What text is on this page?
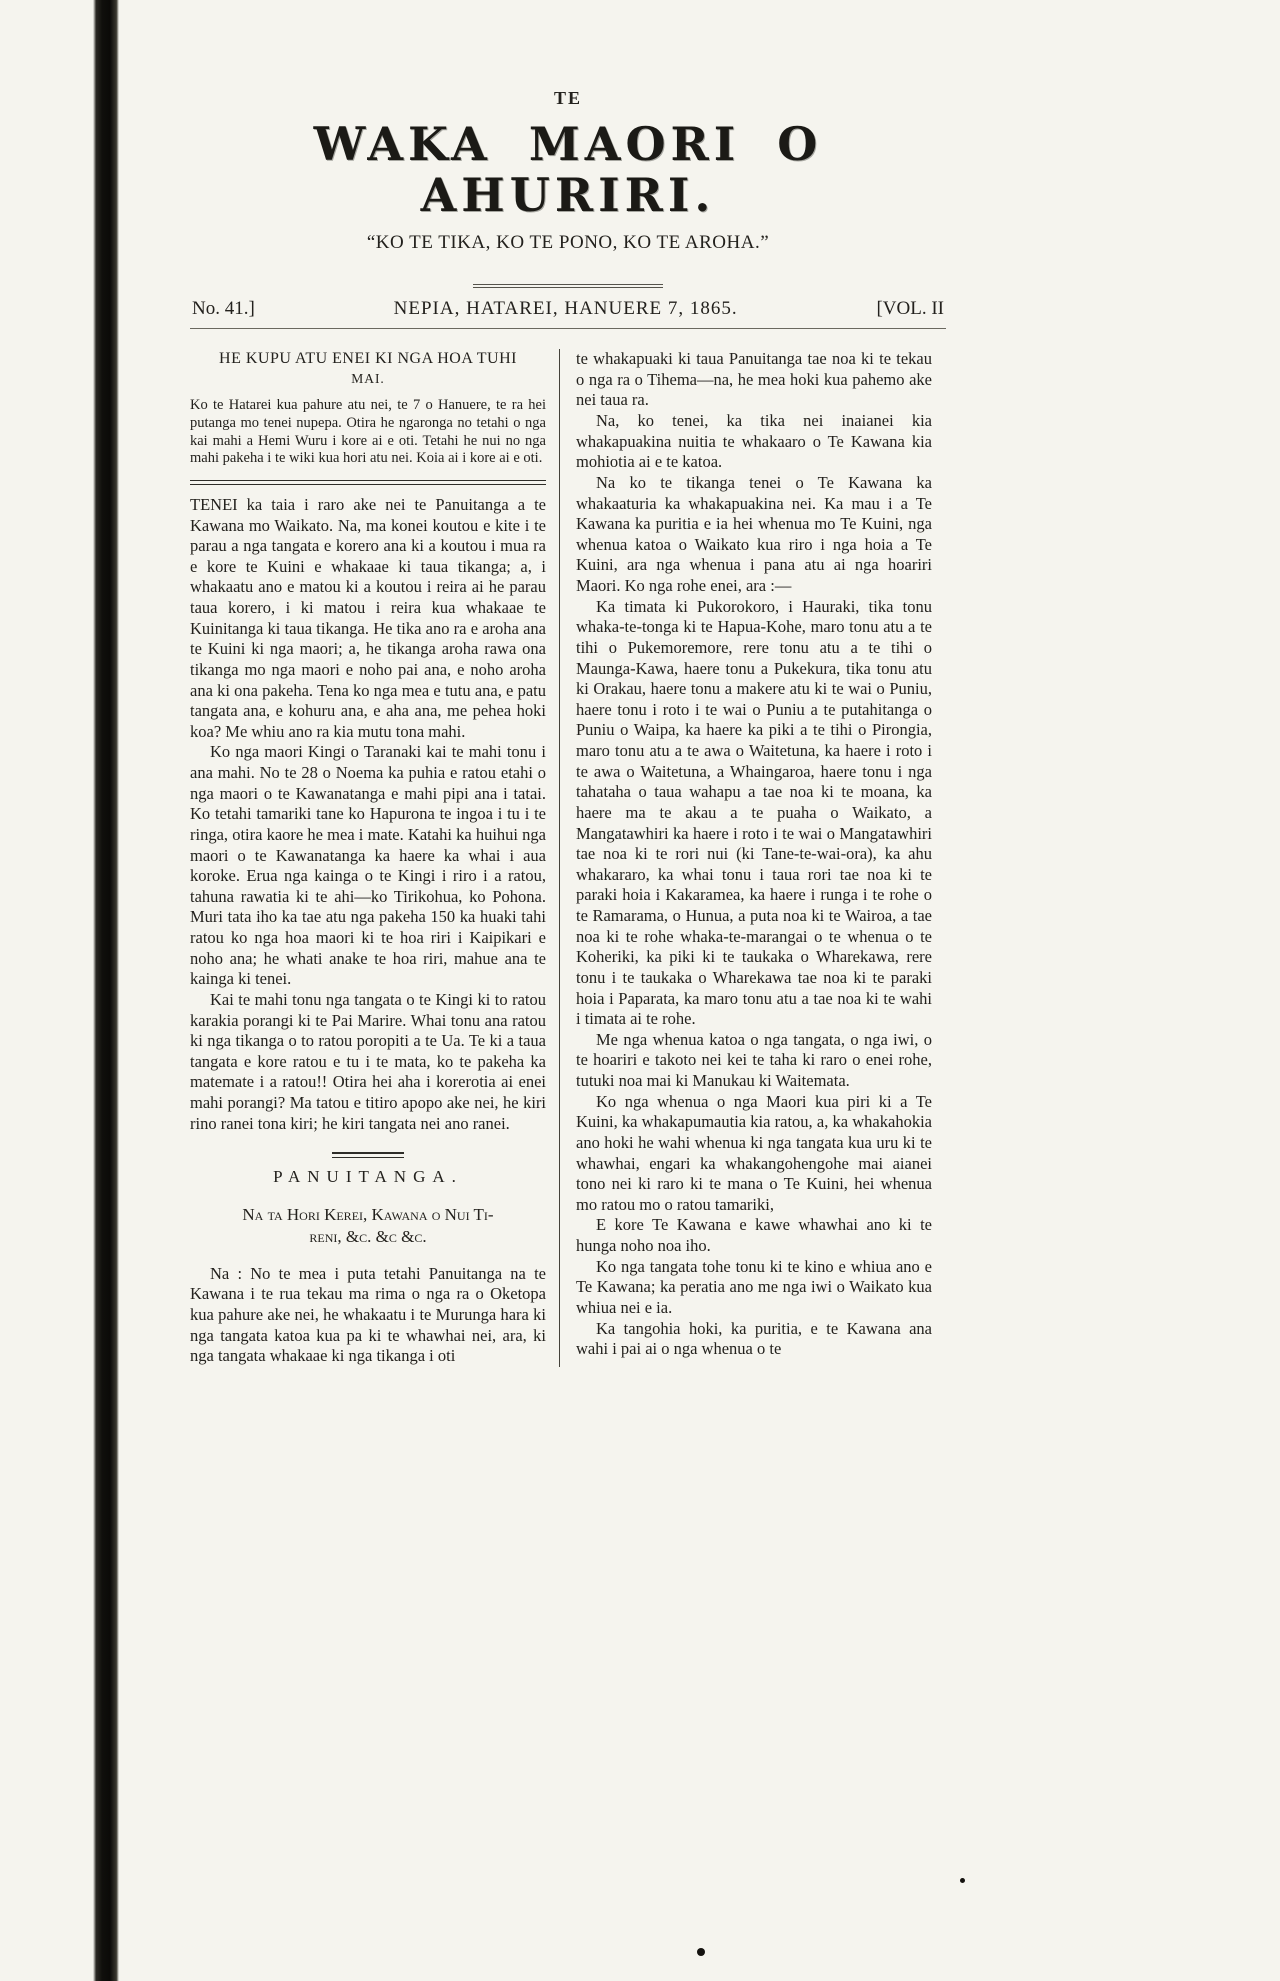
TE
WAKA MAORI O AHURIRI.
“KO TE TIKA, KO TE PONO, KO TE AROHA.”
No. 41.]	NEPIA, HATAREI, HANUERE 7, 1865.	[VOL. II
HE KUPU ATU ENEI KI NGA HOA TUHI
MAI.

Ko te Hatarei kua pahure atu nei, te 7 o Hanuere, te ra hei putanga mo tenei nupepa. Otira he ngaronga no tetahi o nga kai mahi a Hemi Wuru i kore ai e oti. Tetahi he nui no nga mahi pakeha i te wiki kua hori atu nei. Koia ai i kore ai e oti.

TENEI ka taia i raro ake nei te Panuitanga a te Kawana mo Waikato. Na, ma konei koutou e kite i te parau a nga tangata e korero ana ki a koutou i mua ra e kore te Kuini e whakaae ki taua tikanga; a, i whakaatu ano e matou ki a koutou i reira ai he parau taua korero, i ki matou i reira kua whakaae te Kuinitanga ki taua tikanga. He tika ano ra e aroha ana te Kuini ki nga maori; a, he tikanga aroha rawa ona tikanga mo nga maori e noho pai ana, e noho aroha ana ki ona pakeha. Tena ko nga mea e tutu ana, e patu tangata ana, e kohuru ana, e aha ana, me pehea hoki koa? Me whiu ano ra kia mutu tona mahi.

Ko nga maori Kingi o Taranaki kai te mahi tonu i ana mahi. No te 28 o Noema ka puhia e ratou etahi o nga maori o te Kawanatanga e mahi pipi ana i tatai. Ko tetahi tamariki tane ko Hapurona te ingoa i tu i te ringa, otira kaore he mea i mate. Katahi ka huihui nga maori o te Kawanatanga ka haere ka whai i aua koroke. Erua nga kainga o te Kingi i riro i a ratou, tahuna rawatia ki te ahi—ko Tirikohua, ko Pohona. Muri tata iho ka tae atu nga pakeha 150 ka huaki tahi ratou ko nga hoa maori ki te hoa riri i Kaipikari e noho ana; he whati anake te hoa riri, mahue ana te kainga ki tenei.

Kai te mahi tonu nga tangata o te Kingi ki to ratou karakia porangi ki te Pai Marire. Whai tonu ana ratou ki nga tikanga o to ratou poropiti a te Ua. Te ki a taua tangata e kore ratou e tu i te mata, ko te pakeha ka matemate i a ratou!! Otira hei aha i korerotia ai enei mahi porangi? Ma tatou e titiro apopo ake nei, he kiri rino ranei tona kiri; he kiri tangata nei ano ranei.

PANUITANGA.
Na ta Hori Kerei, Kawana o Nui Ti-
reni, &c. &c &c.

Na : No te mea i puta tetahi Panuitanga na te Kawana i te rua tekau ma rima o nga ra o Oketopa kua pahure ake nei, he whakaatu i te Murunga hara ki nga tangata katoa kua pa ki te whawhai nei, ara, ki nga tangata whakaae ki nga tikanga i oti

te whakapuaki ki taua Panuitanga tae noa ki te tekau o nga ra o Tihema—na, he mea hoki kua pahemo ake nei taua ra.

Na, ko tenei, ka tika nei inaianei kia whakapuakina nuitia te whakaaro o Te Kawana kia mohiotia ai e te katoa.

Na ko te tikanga tenei o Te Kawana ka whakaaturia ka whakapuakina nei. Ka mau i a Te Kawana ka puritia e ia hei whenua mo Te Kuini, nga whenua katoa o Waikato kua riro i nga hoia a Te Kuini, ara nga whenua i pana atu ai nga hoariri Maori. Ko nga rohe enei, ara :—

Ka timata ki Pukorokoro, i Hauraki, tika tonu whaka-te-tonga ki te Hapua-Kohe, maro tonu atu a te tihi o Pukemoremore, rere tonu atu a te tihi o Maunga-Kawa, haere tonu a Pukekura, tika tonu atu ki Orakau, haere tonu a makere atu ki te wai o Puniu, haere tonu i roto i te wai o Puniu a te putahitanga o Puniu o Waipa, ka haere ka piki a te tihi o Pirongia, maro tonu atu a te awa o Waitetuna, ka haere i roto i te awa o Waitetuna, a Whaingaroa, haere tonu i nga tahataha o taua wahapu a tae noa ki te moana, ka haere ma te akau a te puaha o Waikato, a Mangatawhiri ka haere i roto i te wai o Mangatawhiri tae noa ki te rori nui (ki Tane-te-wai-ora), ka ahu whakararo, ka whai tonu i taua rori tae noa ki te paraki hoia i Kakaramea, ka haere i runga i te rohe o te Ramarama, o Hunua, a puta noa ki te Wairoa, a tae noa ki te rohe whaka-te-marangai o te whenua o te Koheriki, ka piki ki te taukaka o Wharekawa, rere tonu i te taukaka o Wharekawa tae noa ki te paraki hoia i Paparata, ka maro tonu atu a tae noa ki te wahi i timata ai te rohe.

Me nga whenua katoa o nga tangata, o nga iwi, o te hoariri e takoto nei kei te taha ki raro o enei rohe, tutuki noa mai ki Manukau ki Waitemata.

Ko nga whenua o nga Maori kua piri ki a Te Kuini, ka whakapumautia kia ratou, a, ka whakahokia ano hoki he wahi whenua ki nga tangata kua uru ki te whawhai, engari ka whakangohengohe mai aianei tono nei ki raro ki te mana o Te Kuini, hei whenua mo ratou mo o ratou tamariki,

E kore Te Kawana e kawe whawhai ano ki te hunga noho noa iho.

Ko nga tangata tohe tonu ki te kino e whiua ano e Te Kawana; ka peratia ano me nga iwi o Waikato kua whiua nei e ia.

Ka tangohia hoki, ka puritia, e te Kawana ana wahi i pai ai o nga whenua o te
